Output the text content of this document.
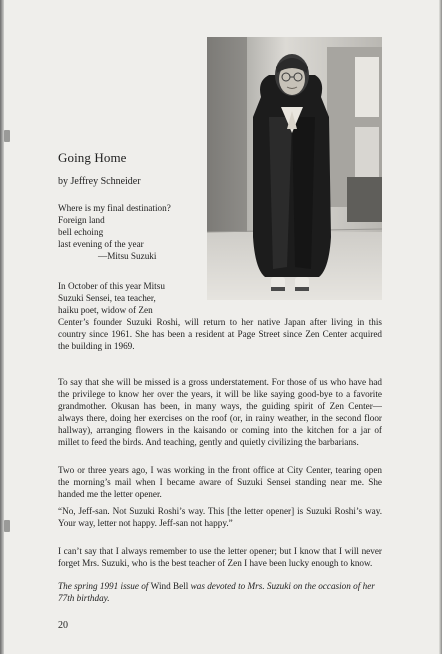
Going Home

by Jeffrey Schneider

Where is my final destination?
Foreign land
bell echoing
last evening of the year
—Mitsu Suzuki
In October of this year Mitsu
Suzuki Sensei, tea teacher,
haiku poet, widow of Zen

Center’s founder Suzuki Roshi, will return to her native Japan after living in this country since 1961. She has been a resident at Page Street since Zen Center acquired the building in 1969.

To say that she will be missed is a gross understatement. For those of us who have had the privilege to know her over the years, it will be like saying good-bye to a favorite grandmother. Okusan has been, in many ways, the guiding spirit of Zen Center—always there, doing her exercises on the roof (or, in rainy weather, in the second floor hallway), arranging flowers in the kaisando or coming into the kitchen for a jar of millet to feed the birds. And teaching, gently and quietly civilizing the barbarians.

Two or three years ago, I was working in the front office at City Center, tearing open the morning’s mail when I became aware of Suzuki Sensei standing near me. She handed me the letter opener.

“No, Jeff-san. Not Suzuki Roshi’s way. This [the letter opener] is Suzuki Roshi’s way. Your way, letter not happy. Jeff-san not happy.”

I can’t say that I always remember to use the letter opener; but I know that I will never forget Mrs. Suzuki, who is the best teacher of Zen I have been lucky enough to know.

The spring 1991 issue of Wind Bell was devoted to Mrs. Suzuki on the occasion of her 77th birthday.

20
